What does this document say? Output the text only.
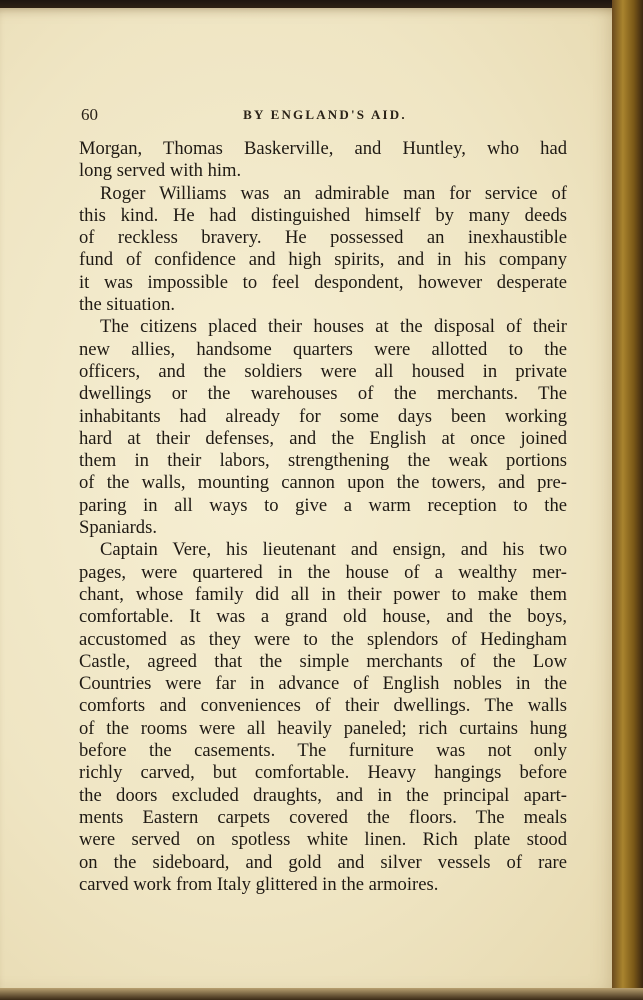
60	BY ENGLAND'S AID.
Morgan, Thomas Baskerville, and Huntley, who had
long served with him.
Roger Williams was an admirable man for service of
this kind. He had distinguished himself by many deeds
of reckless bravery. He possessed an inexhaustible
fund of confidence and high spirits, and in his company
it was impossible to feel despondent, however desperate
the situation.
The citizens placed their houses at the disposal of their
new allies, handsome quarters were allotted to the
officers, and the soldiers were all housed in private
dwellings or the warehouses of the merchants. The
inhabitants had already for some days been working
hard at their defenses, and the English at once joined
them in their labors, strengthening the weak portions
of the walls, mounting cannon upon the towers, and pre-
paring in all ways to give a warm reception to the
Spaniards.
Captain Vere, his lieutenant and ensign, and his two
pages, were quartered in the house of a wealthy mer-
chant, whose family did all in their power to make them
comfortable. It was a grand old house, and the boys,
accustomed as they were to the splendors of Hedingham
Castle, agreed that the simple merchants of the Low
Countries were far in advance of English nobles in the
comforts and conveniences of their dwellings. The walls
of the rooms were all heavily paneled; rich curtains hung
before the casements. The furniture was not only
richly carved, but comfortable. Heavy hangings before
the doors excluded draughts, and in the principal apart-
ments Eastern carpets covered the floors. The meals
were served on spotless white linen. Rich plate stood
on the sideboard, and gold and silver vessels of rare
carved work from Italy glittered in the armoires.
